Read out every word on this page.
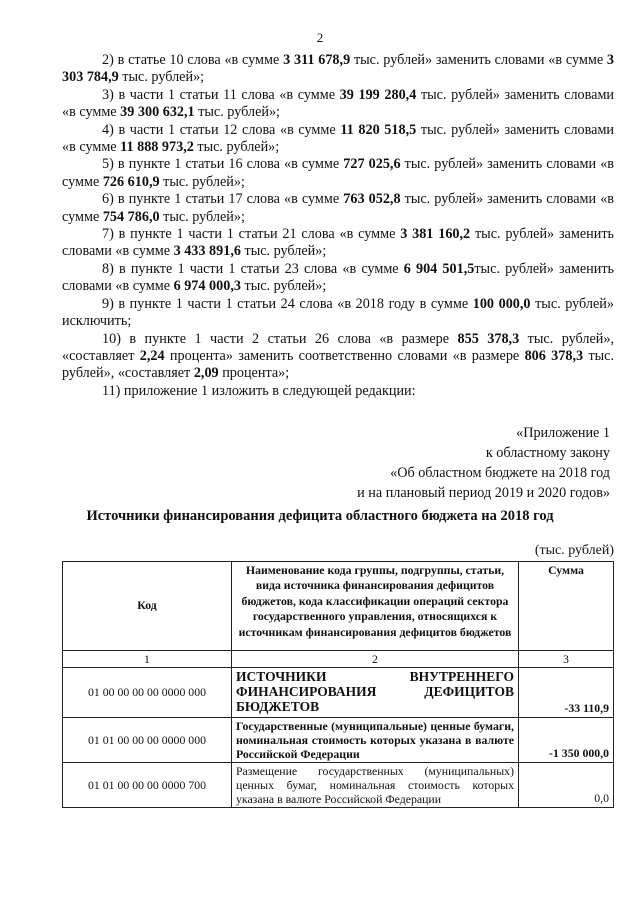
2

2) в статье 10 слова «в сумме 3 311 678,9 тыс. рублей» заменить словами «в сумме 3 303 784,9 тыс. рублей»;

3) в части 1 статьи 11 слова «в сумме 39 199 280,4 тыс. рублей» заменить словами «в сумме 39 300 632,1 тыс. рублей»;

4) в части 1 статьи 12 слова «в сумме 11 820 518,5 тыс. рублей» заменить словами «в сумме 11 888 973,2 тыс. рублей»;

5) в пункте 1 статьи 16 слова «в сумме 727 025,6 тыс. рублей» заменить словами «в сумме 726 610,9 тыс. рублей»;

6) в пункте 1 статьи 17 слова «в сумме 763 052,8 тыс. рублей» заменить словами «в сумме 754 786,0 тыс. рублей»;

7) в пункте 1 части 1 статьи 21 слова «в сумме 3 381 160,2 тыс. рублей» заменить словами «в сумме 3 433 891,6 тыс. рублей»;

8) в пункте 1 части 1 статьи 23 слова «в сумме 6 904 501,5тыс. рублей» заменить словами «в сумме 6 974 000,3 тыс. рублей»;

9) в пункте 1 части 1 статьи 24 слова «в 2018 году в сумме 100 000,0 тыс. рублей» исключить;

10) в пункте 1 части 2 статьи 26 слова «в размере 855 378,3 тыс. рублей», «составляет 2,24 процента» заменить соответственно словами «в размере 806 378,3 тыс. рублей», «составляет 2,09 процента»;

11) приложение 1 изложить в следующей редакции:

«Приложение 1
к областному закону
«Об областном бюджете на 2018 год
и на плановый период 2019 и 2020 годов»
Источники финансирования дефицита областного бюджета на 2018 год
(тыс. рублей)
Код	Наименование кода группы, подгруппы, статьи, вида источника финансирования дефицитов бюджетов, кода классификации операций сектора государственного управления, относящихся к источникам финансирования дефицитов бюджетов	Сумма
1	2	3
01 00 00 00 00 0000 000	ИСТОЧНИКИ ВНУТРЕННЕГО ФИНАНСИРОВАНИЯ ДЕФИЦИТОВ БЮДЖЕТОВ	-33 110,9
01 01 00 00 00 0000 000	Государственные (муниципальные) ценные бумаги, номинальная стоимость которых указана в валюте Российской Федерации	-1 350 000,0
01 01 00 00 00 0000 700	Размещение государственных (муниципальных) ценных бумаг, номинальная стоимость которых указана в валюте Российской Федерации	0,0
